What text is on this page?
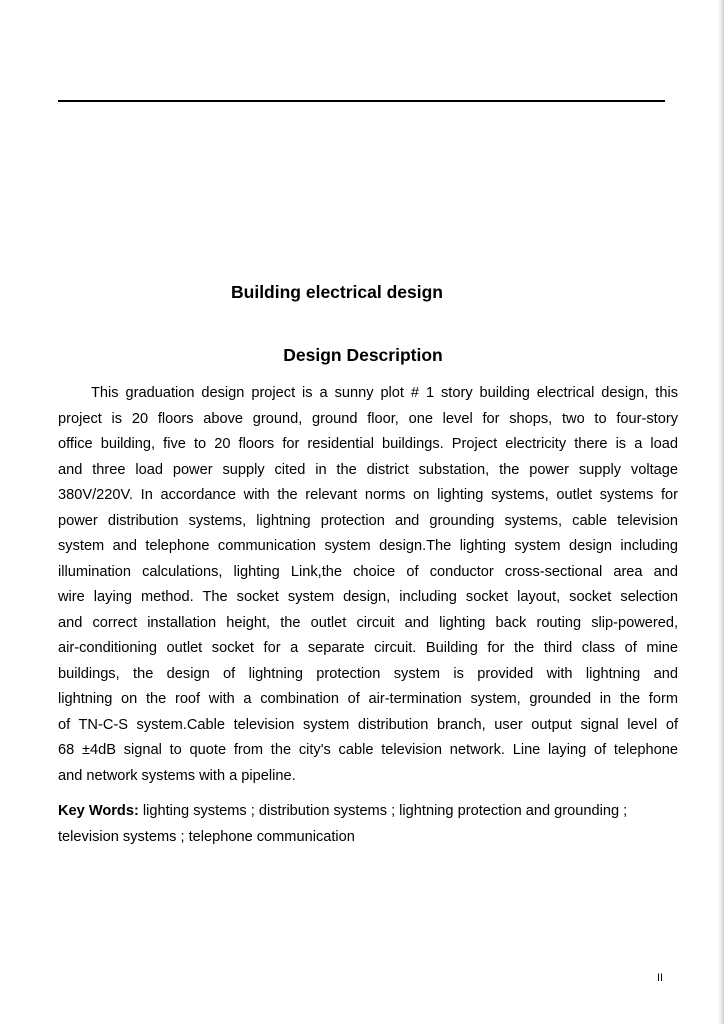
Building electrical design
Design Description
This graduation design project is a sunny plot # 1 story building electrical design, this
project is 20 floors above ground, ground floor, one level for shops, two to four-story
office building, five to 20 floors for residential buildings. Project electricity there is a load
and three load power supply cited in the district substation, the power supply voltage
380V/220V. In accordance with the relevant norms on lighting systems, outlet systems for
power distribution systems, lightning protection and grounding systems, cable television
system and telephone communication system design.The lighting system design including
illumination calculations, lighting Link,the choice of conductor cross-sectional area and
wire laying method. The socket system design, including socket layout, socket selection
and correct installation height, the outlet circuit and lighting back routing slip-powered,
air-conditioning outlet socket for a separate circuit. Building for the third class of mine
buildings, the design of lightning protection system is provided with lightning and
lightning on the roof with a combination of air-termination system, grounded in the form
of TN-C-S system.Cable television system distribution branch, user output signal level of
68 ±4dB signal to quote from the city's cable television network. Line laying of telephone
and network systems with a pipeline.
Key Words: lighting systems ; distribution systems ; lightning protection and grounding ;
television systems ; telephone communication
II
